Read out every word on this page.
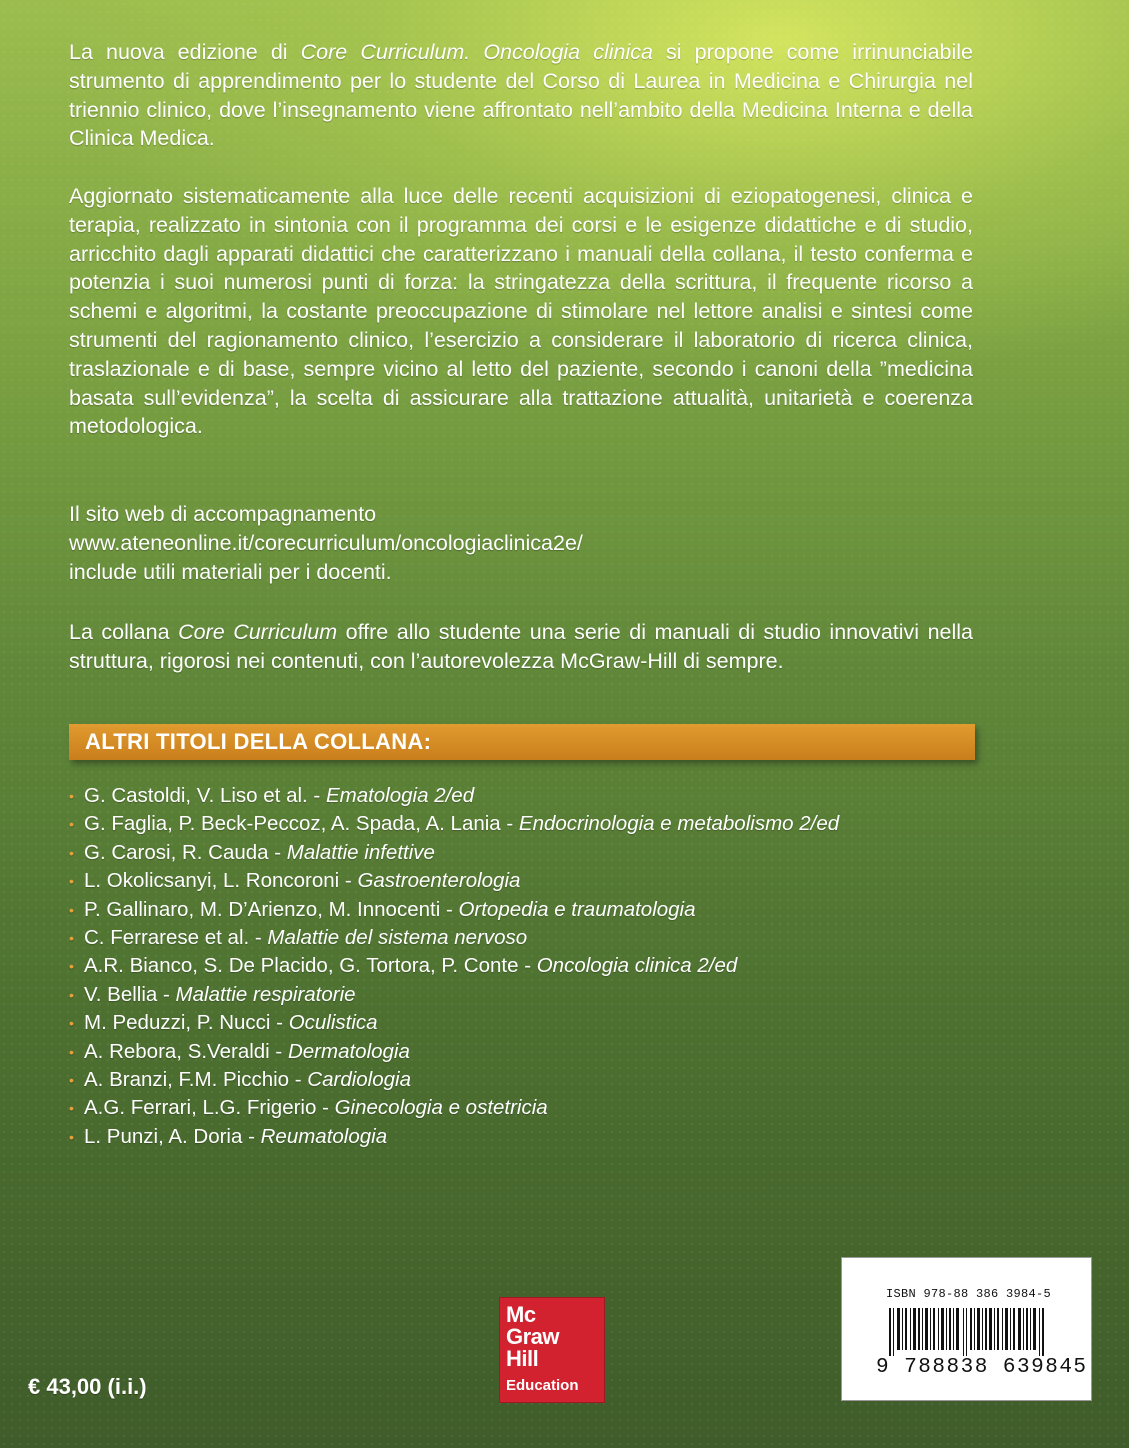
La nuova edizione di Core Curriculum. Oncologia clinica si propone come irrinunciabile strumento di apprendimento per lo studente del Corso di Laurea in Medicina e Chirurgia nel triennio clinico, dove l’insegnamento viene affrontato nell’ambito della Medicina Interna e della Clinica Medica.

Aggiornato sistematicamente alla luce delle recenti acquisizioni di eziopatogenesi, clinica e terapia, realizzato in sintonia con il programma dei corsi e le esigenze didattiche e di studio, arricchito dagli apparati didattici che caratterizzano i manuali della collana, il testo conferma e potenzia i suoi numerosi punti di forza: la stringatezza della scrittura, il frequente ricorso a schemi e algoritmi, la costante preoccupazione di stimolare nel lettore analisi e sintesi come strumenti del ragionamento clinico, l’esercizio a considerare il laboratorio di ricerca clinica, traslazionale e di base, sempre vicino al letto del paziente, secondo i canoni della ”medicina basata sull’evidenza”, la scelta di assicurare alla trattazione attualità, unitarietà e coerenza metodologica.

Il sito web di accompagnamento
www.ateneonline.it/corecurriculum/oncologiaclinica2e/
include utili materiali per i docenti.

La collana Core Curriculum offre allo studente una serie di manuali di studio innovativi nella struttura, rigorosi nei contenuti, con l’autorevolezza McGraw-Hill di sempre.

ALTRI TITOLI DELLA COLLANA:
• G. Castoldi, V. Liso et al. - Ematologia 2/ed
• G. Faglia, P. Beck-Peccoz, A. Spada, A. Lania - Endocrinologia e metabolismo 2/ed
• G. Carosi, R. Cauda - Malattie infettive
• L. Okolicsanyi, L. Roncoroni - Gastroenterologia
• P. Gallinaro, M. D’Arienzo, M. Innocenti - Ortopedia e traumatologia
• C. Ferrarese et al. - Malattie del sistema nervoso
• A.R. Bianco, S. De Placido, G. Tortora, P. Conte - Oncologia clinica 2/ed
• V. Bellia - Malattie respiratorie
• M. Peduzzi, P. Nucci - Oculistica
• A. Rebora, S.Veraldi - Dermatologia
• A. Branzi, F.M. Picchio - Cardiologia
• A.G. Ferrari, L.G. Frigerio - Ginecologia e ostetricia
• L. Punzi, A. Doria - Reumatologia
€ 43,00 (i.i.)
Mc
Graw
Hill
Education
ISBN 978-88 386 3984-5
9 788838 639845
